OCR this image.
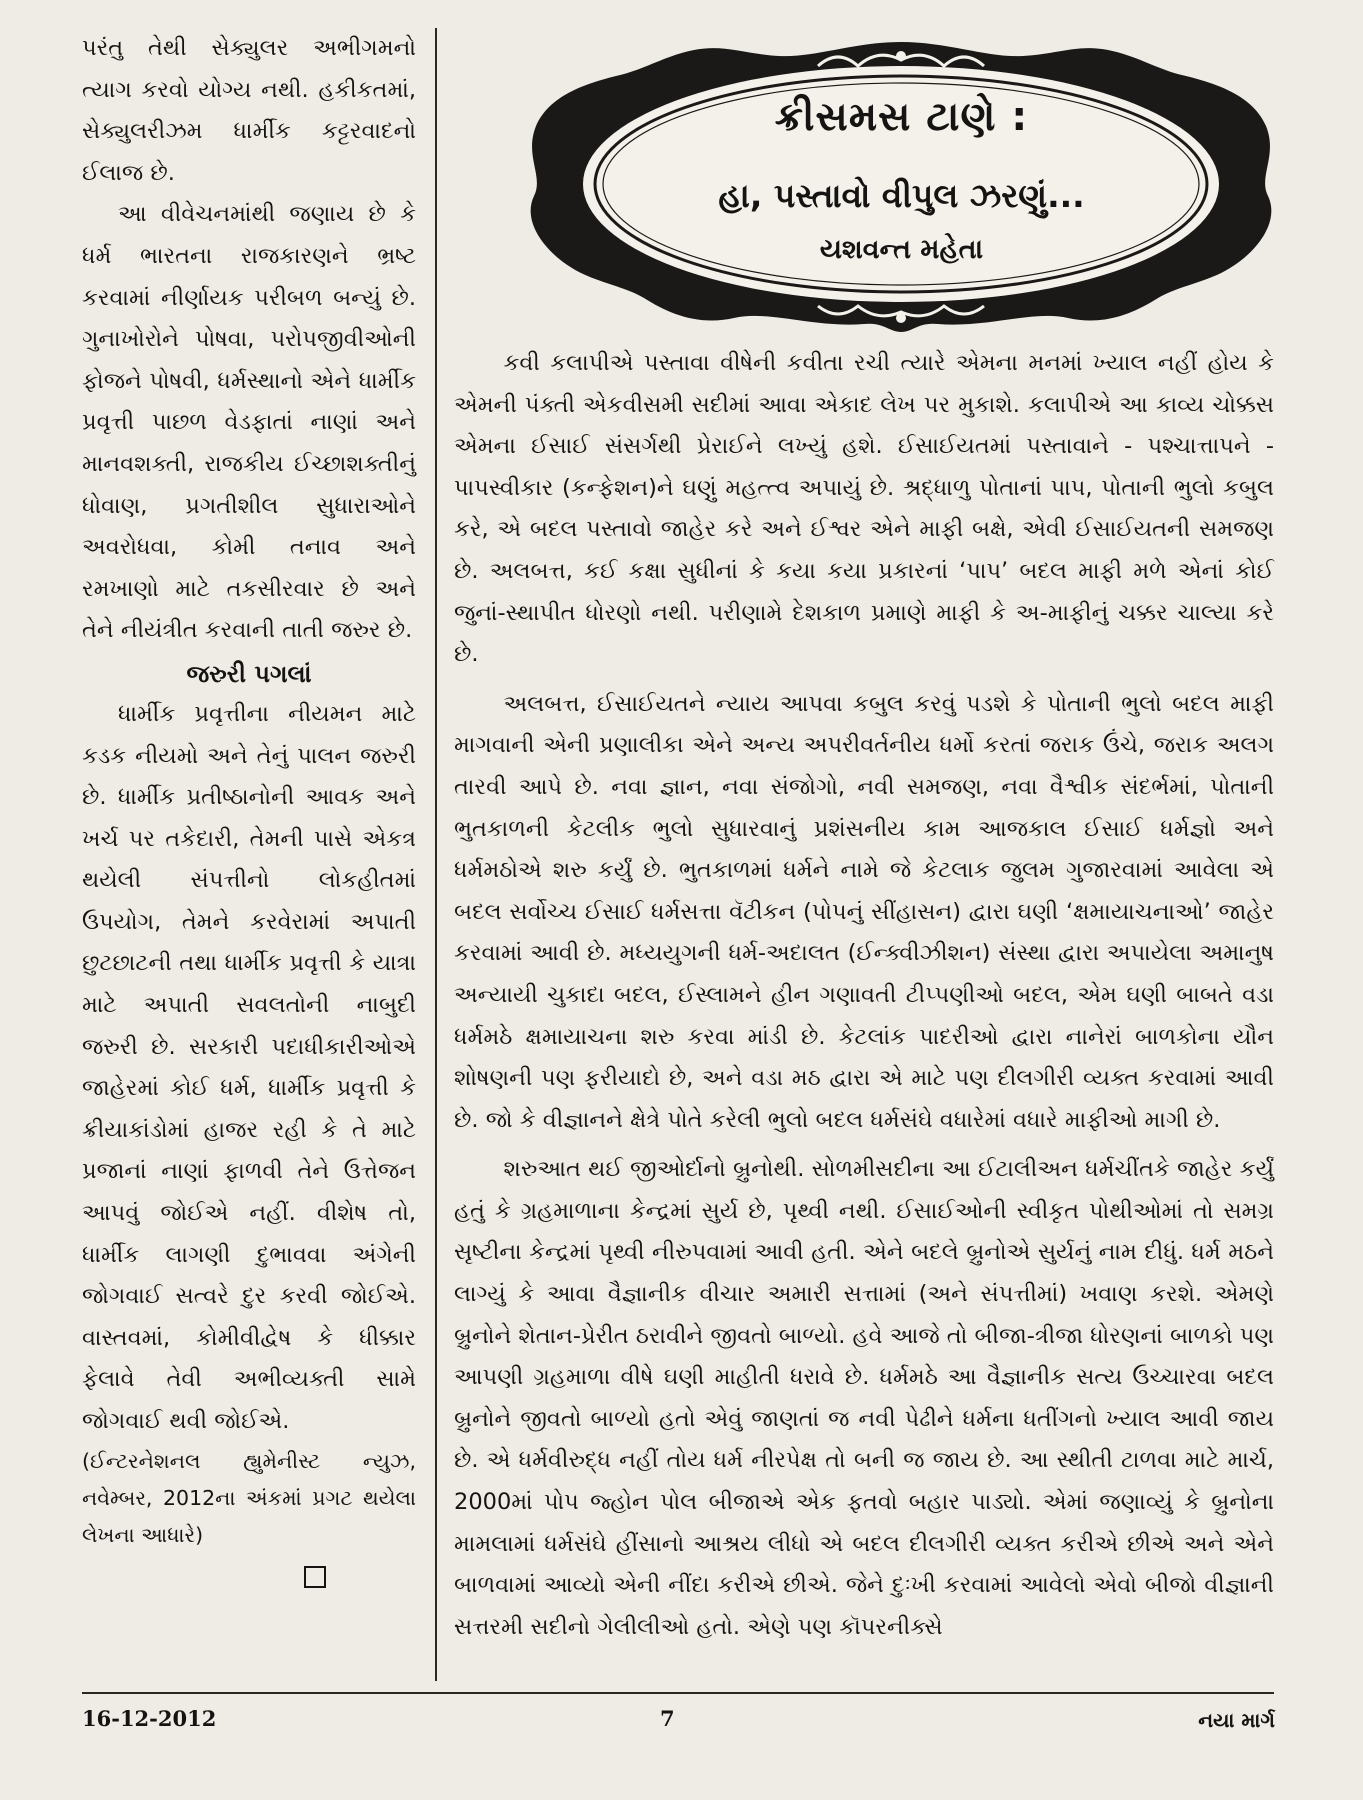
પરંતુ તેથી સેક્યુલર અભીગમનો ત્યાગ કરવો યોગ્ય નથી. હકીકતમાં, સેક્યુલરીઝમ ધાર્મીક કટ્ટરવાદનો ઈલાજ છે.

આ વીવેચનમાંથી જણાય છે કે ધર્મ ભારતના રાજકારણને ભ્રષ્ટ કરવામાં નીર્ણાયક પરીબળ બન્યું છે. ગુનાખોરોને પોષવા, પરોપજીવીઓની ફોજને પોષવી, ધર્મસ્થાનો એને ધાર્મીક પ્રવૃત્તી પાછળ વેડફાતાં નાણાં અને માનવશક્તી, રાજકીય ઈચ્છાશક્તીનું ધોવાણ, પ્રગતીશીલ સુધારાઓને અવરોધવા, કોમી તનાવ અને રમખાણો માટે તકસીરવાર છે અને તેને નીયંત્રીત કરવાની તાતી જરુર છે.

જરુરી પગલાં

ધાર્મીક પ્રવૃત્તીના નીયમન માટે કડક નીયમો અને તેનું પાલન જરુરી છે. ધાર્મીક પ્રતીષ્ઠાનોની આવક અને ખર્ચ પર તકેદારી, તેમની પાસે એકત્ર થયેલી સંપત્તીનો લોકહીતમાં ઉપયોગ, તેમને કરવેરામાં અપાતી છુટછાટની તથા ધાર્મીક પ્રવૃત્તી કે યાત્રા માટે અપાતી સવલતોની નાબુદી જરુરી છે. સરકારી પદાધીકારીઓએ જાહેરમાં કોઈ ધર્મ, ધાર્મીક પ્રવૃત્તી કે ક્રીયાકાંડોમાં હાજર રહી કે તે માટે પ્રજાનાં નાણાં ફાળવી તેને ઉત્તેજન આપવું જોઈએ નહીં. વીશેષ તો, ધાર્મીક લાગણી દુભાવવા અંગેની જોગવાઈ સત્વરે દુર કરવી જોઈએ. વાસ્તવમાં, કોમીવીદ્વેષ કે ધીક્કાર ફેલાવે તેવી અભીવ્યક્તી સામે જોગવાઈ થવી જોઈએ.

(ઈન્ટરનેશનલ હ્યુમેનીસ્ટ ન્યુઝ, નવેમ્બર, 2012ના અંકમાં પ્રગટ થયેલા લેખના આધારે)

ક્રીસમસ ટાણે :
હા, પસ્તાવો વીપુલ ઝરણું...
યશવન્ત મહેતા

કવી કલાપીએ પસ્તાવા વીષેની કવીતા રચી ત્યારે એમના મનમાં ખ્યાલ નહીં હોય કે એમની પંક્તી એકવીસમી સદીમાં આવા એકાદ લેખ પર મુકાશે. કલાપીએ આ કાવ્ય ચોક્કસ એમના ઈસાઈ સંસર્ગથી પ્રેરાઈને લખ્યું હશે. ઈસાઈયતમાં પસ્તાવાને - પશ્ચાત્તાપને - પાપસ્વીકાર (કન્ફેશન)ને ઘણું મહત્ત્વ અપાયું છે. શ્રદ્ધાળુ પોતાનાં પાપ, પોતાની ભુલો કબુલ કરે, એ બદલ પસ્તાવો જાહેર કરે અને ઈશ્વર એને માફી બક્ષે, એવી ઈસાઈયતની સમજણ છે. અલબત્ત, કઈ કક્ષા સુધીનાં કે કયા કયા પ્રકારનાં ‘પાપ’ બદલ માફી મળે એનાં કોઈ જુનાં-સ્થાપીત ધોરણો નથી. પરીણામે દેશકાળ પ્રમાણે માફી કે અ-માફીનું ચક્કર ચાલ્યા કરે છે.

અલબત્ત, ઈસાઈયતને ન્યાય આપવા કબુલ કરવું પડશે કે પોતાની ભુલો બદલ માફી માગવાની એની પ્રણાલીકા એને અન્ય અપરીવર્તનીય ધર્મો કરતાં જરાક ઉંચે, જરાક અલગ તારવી આપે છે. નવા જ્ઞાન, નવા સંજોગો, નવી સમજણ, નવા વૈશ્વીક સંદર્ભમાં, પોતાની ભુતકાળની કેટલીક ભુલો સુધારવાનું પ્રશંસનીય કામ આજકાલ ઈસાઈ ધર્મજ્ઞો અને ધર્મમઠોએ શરુ કર્યું છે. ભુતકાળમાં ધર્મને નામે જે કેટલાક જુલમ ગુજારવામાં આવેલા એ બદલ સર્વોચ્ચ ઈસાઈ ધર્મસત્તા વૅટીકન (પોપનું સીંહાસન) દ્વારા ઘણી ‘ક્ષમાયાચનાઓ’ જાહેર કરવામાં આવી છે. મધ્યયુગની ધર્મ-અદાલત (ઈન્ક્વીઝીશન) સંસ્થા દ્વારા અપાયેલા અમાનુષ અન્યાયી ચુકાદા બદલ, ઈસ્લામને હીન ગણાવતી ટીપ્પણીઓ બદલ, એમ ઘણી બાબતે વડા ધર્મમઠે ક્ષમાયાચના શરુ કરવા માંડી છે. કેટલાંક પાદરીઓ દ્વારા નાનેરાં બાળકોના યૌન શોષણની પણ ફરીયાદો છે, અને વડા મઠ દ્વારા એ માટે પણ દીલગીરી વ્યક્ત કરવામાં આવી છે. જો કે વીજ્ઞાનને ક્ષેત્રે પોતે કરેલી ભુલો બદલ ધર્મસંઘે વધારેમાં વધારે માફીઓ માગી છે.

શરુઆત થઈ જીઓર્દાનો બ્રુનોથી. સોળમીસદીના આ ઈટાલીઅન ધર્મચીંતકે જાહેર કર્યું હતું કે ગ્રહમાળાના કેન્દ્રમાં સુર્ય છે, પૃથ્વી નથી. ઈસાઈઓની સ્વીકૃત પોથીઓમાં તો સમગ્ર સૃષ્ટીના કેન્દ્રમાં પૃથ્વી નીરુપવામાં આવી હતી. એને બદલે બ્રુનોએ સુર્યનું નામ દીધું. ધર્મ મઠને લાગ્યું કે આવા વૈજ્ઞાનીક વીચાર અમારી સત્તામાં (અને સંપત્તીમાં) ખવાણ કરશે. એમણે બ્રુનોને શેતાન-પ્રેરીત ઠરાવીને જીવતો બાળ્યો. હવે આજે તો બીજા-ત્રીજા ધોરણનાં બાળકો પણ આપણી ગ્રહમાળા વીષે ઘણી માહીતી ધરાવે છે. ધર્મમઠે આ વૈજ્ઞાનીક સત્ય ઉચ્ચારવા બદલ બ્રુનોને જીવતો બાળ્યો હતો એવું જાણતાં જ નવી પેઢીને ધર્મના ધતીંગનો ખ્યાલ આવી જાય છે. એ ધર્મવીરુદ્ધ નહીં તોય ધર્મ નીરપેક્ષ તો બની જ જાય છે. આ સ્થીતી ટાળવા માટે માર્ચ, 2000માં પોપ જ્હોન પોલ બીજાએ એક ફતવો બહાર પાડ્યો. એમાં જણાવ્યું કે બ્રુનોના મામલામાં ધર્મસંઘે હીંસાનો આશ્રય લીધો એ બદલ દીલગીરી વ્યક્ત કરીએ છીએ અને એને બાળવામાં આવ્યો એની નીંદા કરીએ છીએ. જેને દુઃખી કરવામાં આવેલો એવો બીજો વીજ્ઞાની સત્તરમી સદીનો ગેલીલીઓ હતો. એણે પણ કૉપરનીક્સે

16-12-2012	7	નયા માર્ગ
